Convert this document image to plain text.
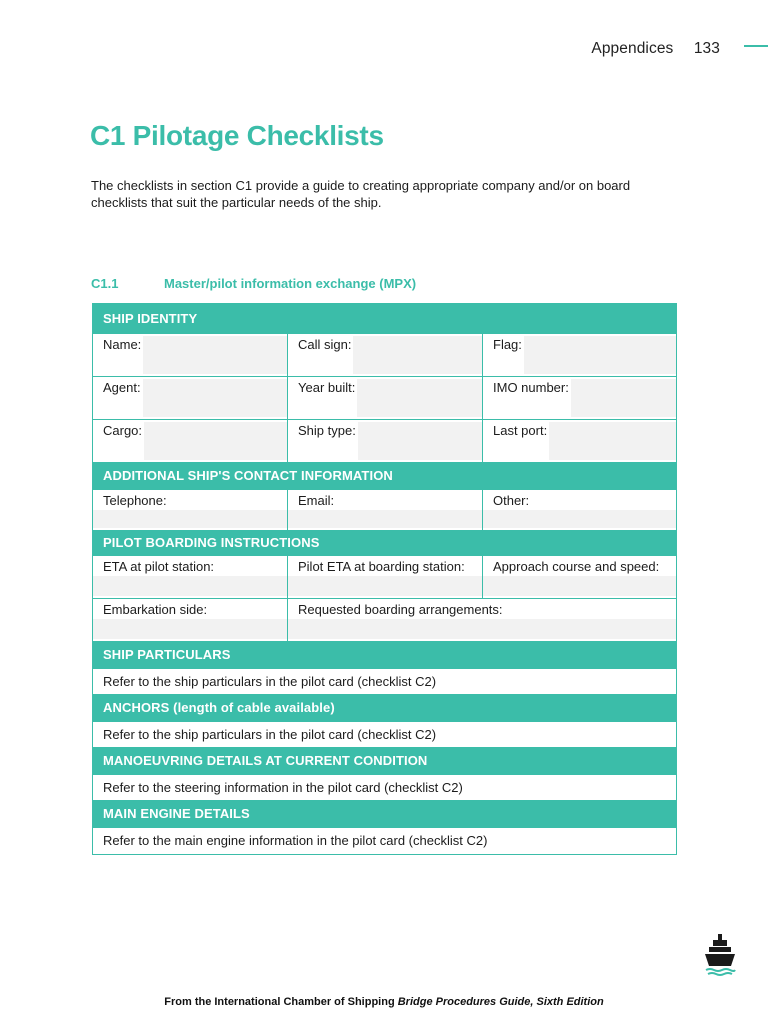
Appendices 133
C1 Pilotage Checklists

The checklists in section C1 provide a guide to creating appropriate company and/or on board checklists that suit the particular needs of the ship.

C1.1	Master/pilot information exchange (MPX)
SHIP IDENTITY
Name:	Call sign:	Flag:
Agent:	Year built:	IMO number:
Cargo:	Ship type:	Last port:
ADDITIONAL SHIP'S CONTACT INFORMATION
Telephone:	Email:	Other:
PILOT BOARDING INSTRUCTIONS
ETA at pilot station:	Pilot ETA at boarding station:	Approach course and speed:
Embarkation side:	Requested boarding arrangements:
SHIP PARTICULARS
Refer to the ship particulars in the pilot card (checklist C2)
ANCHORS (length of cable available)
Refer to the ship particulars in the pilot card (checklist C2)
MANOEUVRING DETAILS AT CURRENT CONDITION
Refer to the steering information in the pilot card (checklist C2)
MAIN ENGINE DETAILS
Refer to the main engine information in the pilot card (checklist C2)
From the International Chamber of Shipping Bridge Procedures Guide, Sixth Edition
